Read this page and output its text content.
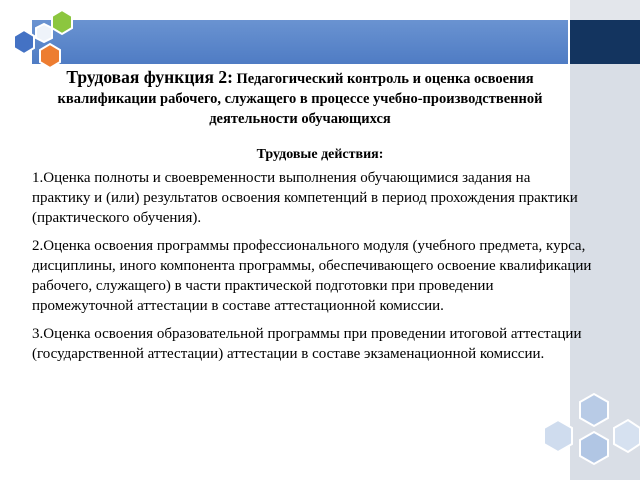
Трудовая функция 2: Педагогический контроль и оценка освоения квалификации рабочего, служащего в процессе учебно-производственной деятельности обучающихся
Трудовые действия:

1.Оценка полноты и своевременности выполнения обучающимися задания на практику и (или) результатов освоения компетенций в период прохождения практики (практического обучения).

2.Оценка освоения программы профессионального модуля (учебного предмета, курса, дисциплины, иного компонента программы, обеспечивающего освоение квалификации рабочего, служащего) в части практической подготовки при проведении промежуточной аттестации в составе аттестационной комиссии.

3.Оценка освоения образовательной программы при проведении итоговой аттестации (государственной аттестации) аттестации в составе экзаменационной комиссии.
